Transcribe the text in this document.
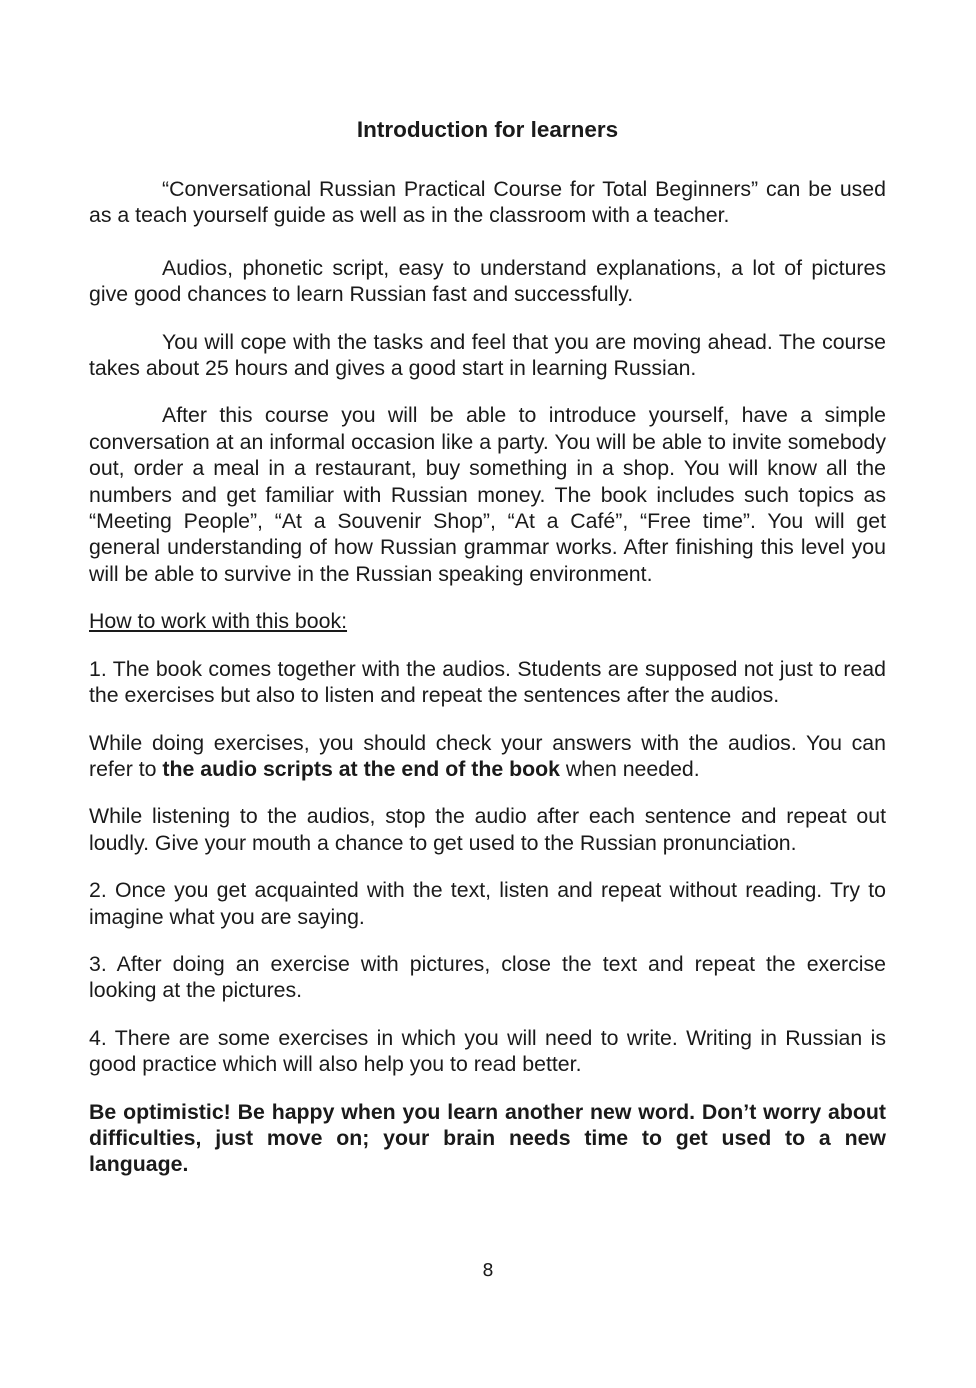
Introduction for learners

“Conversational Russian Practical Course for Total Beginners” can be used as a teach yourself guide as well as in the classroom with a teacher.

Audios, phonetic script, easy to understand explanations, a lot of pictures give good chances to learn Russian fast and successfully.

You will cope with the tasks and feel that you are moving ahead. The course takes about 25 hours and gives a good start in learning Russian.

After this course you will be able to introduce yourself, have a simple conversation at an informal occasion like a party. You will be able to invite somebody out, order a meal in a restaurant, buy something in a shop. You will know all the numbers and get familiar with Russian money. The book includes such topics as “Meeting People”, “At a Souvenir Shop”, “At a Café”, “Free time”. You will get general understanding of how Russian grammar works. After finishing this level you will be able to survive in the Russian speaking environment.

How to work with this book:

1. The book comes together with the audios. Students are supposed not just to read the exercises but also to listen and repeat the sentences after the audios.

While doing exercises, you should check your answers with the audios. You can refer to the audio scripts at the end of the book when needed.

While listening to the audios, stop the audio after each sentence and repeat out loudly. Give your mouth a chance to get used to the Russian pronunciation.

2. Once you get acquainted with the text, listen and repeat without reading. Try to imagine what you are saying.

3. After doing an exercise with pictures, close the text and repeat the exercise looking at the pictures.

4. There are some exercises in which you will need to write. Writing in Russian is good practice which will also help you to read better.

Be optimistic! Be happy when you learn another new word. Don’t worry about difficulties, just move on; your brain needs time to get used to a new language.

8
